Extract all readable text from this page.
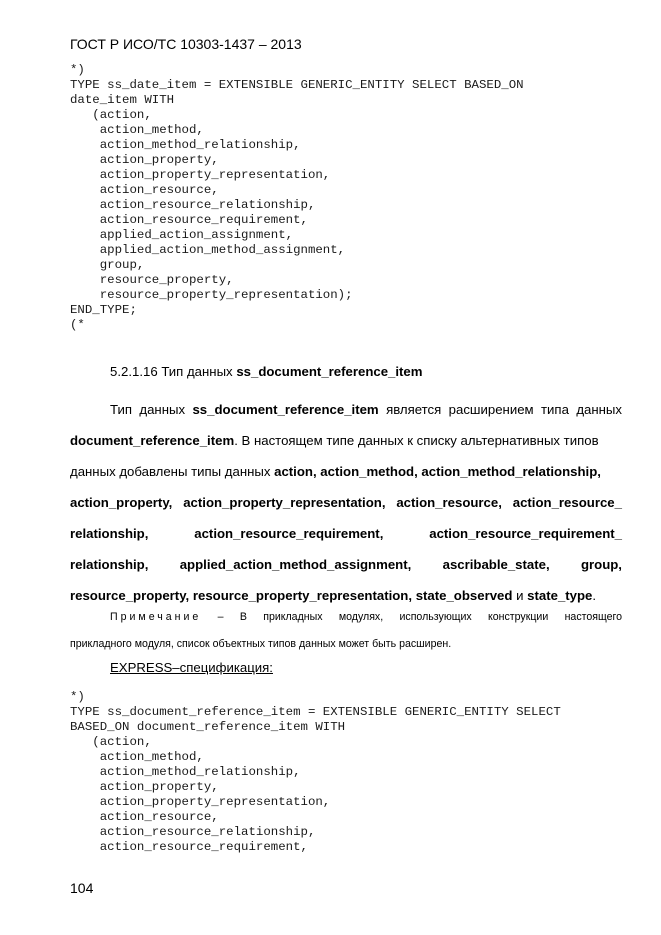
ГОСТ Р ИСО/ТС 10303-1437 – 2013
*)
TYPE ss_date_item = EXTENSIBLE GENERIC_ENTITY SELECT BASED_ON
date_item WITH
(action,
action_method,
action_method_relationship,
action_property,
action_property_representation,
action_resource,
action_resource_relationship,
action_resource_requirement,
applied_action_assignment,
applied_action_method_assignment,
group,
resource_property,
resource_property_representation);
END_TYPE;
(*
5.2.1.16 Тип данных ss_document_reference_item
Тип данных ss_document_reference_item является расширением типа данных
document_reference_item. В настоящем типе данных к списку альтернативных типов
данных добавлены типы данных action, action_method, action_method_relationship,
action_property, action_property_representation, action_resource, action_resource_
relationship,	action_resource_requirement,	action_resource_requirement_
relationship, applied_action_method_assignment, ascribable_state, group,
resource_property, resource_property_representation, state_observed и state_type.
Примечание – В прикладных модулях, использующих конструкции настоящего
прикладного модуля, список объектных типов данных может быть расширен.
EXPRESS–спецификация:
*)
TYPE ss_document_reference_item = EXTENSIBLE GENERIC_ENTITY SELECT
BASED_ON document_reference_item WITH
(action,
action_method,
action_method_relationship,
action_property,
action_property_representation,
action_resource,
action_resource_relationship,
action_resource_requirement,
104
